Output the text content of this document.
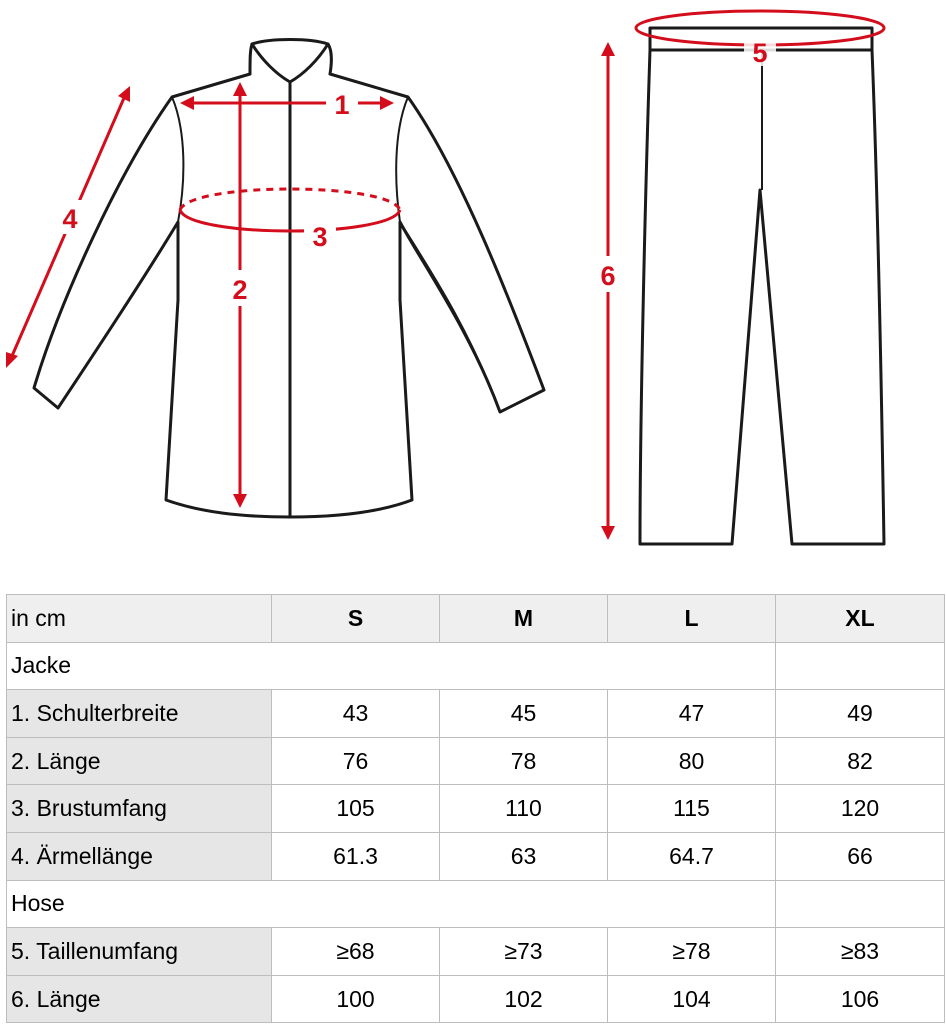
1
2
3
4
5
6
in cm	S	M	L	XL
Jacke				
1. Schulterbreite	43	45	47	49
2. Länge	76	78	80	82
3. Brustumfang	105	110	115	120
4. Ärmellänge	61.3	63	64.7	66
Hose				
5. Taillenumfang	≥68	≥73	≥78	≥83
6. Länge	100	102	104	106
